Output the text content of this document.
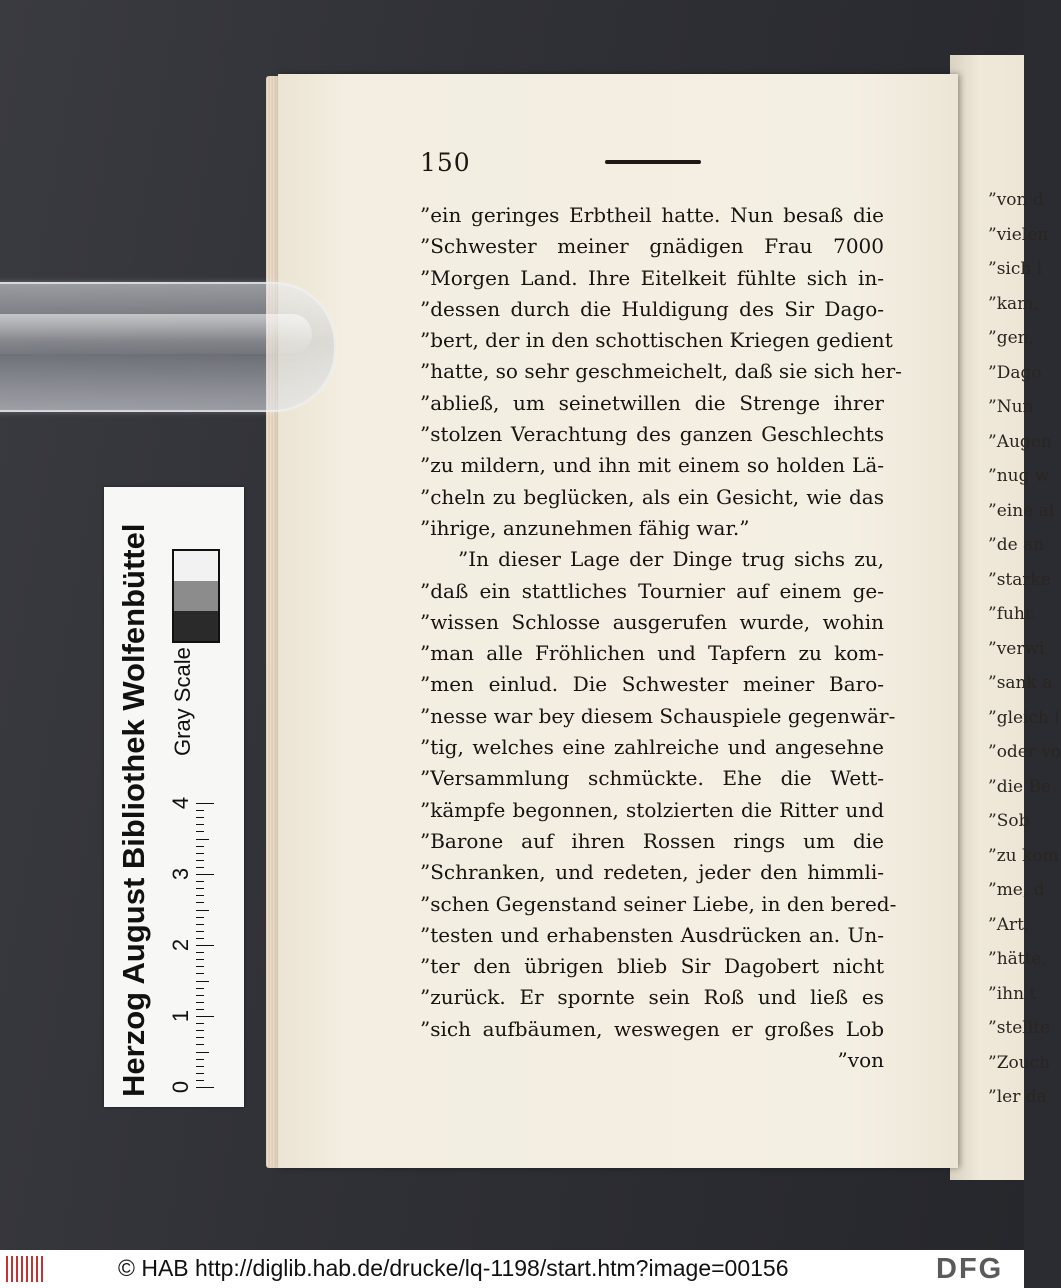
”von d
”vielen
”sich l
”kam,
”gen,
”Dago
”Nun
”Augen
”nug w
”eine al
”de an
”starke
”fuhr.
”verwi
”sank a
”gleich l
”oder vo
”die Be
”Sob
”zu kom
”me, d
”Art,
”hätte,
”ihn t
”stellte
”Zouch
”ler da
150
”ein geringes Erbtheil hatte. Nun besaß die
”Schwester meiner gnädigen Frau 7000
”Morgen Land. Ihre Eitelkeit fühlte sich in‑
”dessen durch die Huldigung des Sir Dago‑
”bert, der in den schottischen Kriegen gedient
”hatte, so sehr geschmeichelt, daß sie sich her‑
”abließ, um seinetwillen die Strenge ihrer
”stolzen Verachtung des ganzen Geschlechts
”zu mildern, und ihn mit einem so holden Lä‑
”cheln zu beglücken, als ein Gesicht, wie das
”ihrige, anzunehmen fähig war.”
”In dieser Lage der Dinge trug sichs zu,
”daß ein stattliches Tournier auf einem ge‑
”wissen Schlosse ausgerufen wurde, wohin
”man alle Fröhlichen und Tapfern zu kom‑
”men einlud. Die Schwester meiner Baro‑
”nesse war bey diesem Schauspiele gegenwär‑
”tig, welches eine zahlreiche und angesehne
”Versammlung schmückte. Ehe die Wett‑
”kämpfe begonnen, stolzierten die Ritter und
”Barone auf ihren Rossen rings um die
”Schranken, und redeten, jeder den himmli‑
”schen Gegenstand seiner Liebe, in den bered‑
”testen und erhabensten Ausdrücken an. Un‑
”ter den übrigen blieb Sir Dagobert nicht
”zurück. Er spornte sein Roß und ließ es
”sich aufbäumen, weswegen er großes Lob
”von
Herzog August Bibliothek Wolfenbüttel Gray Scale
0
1
2
3
4
© HAB http://diglib.hab.de/drucke/lq-1198/start.htm?image=00156	DFG
